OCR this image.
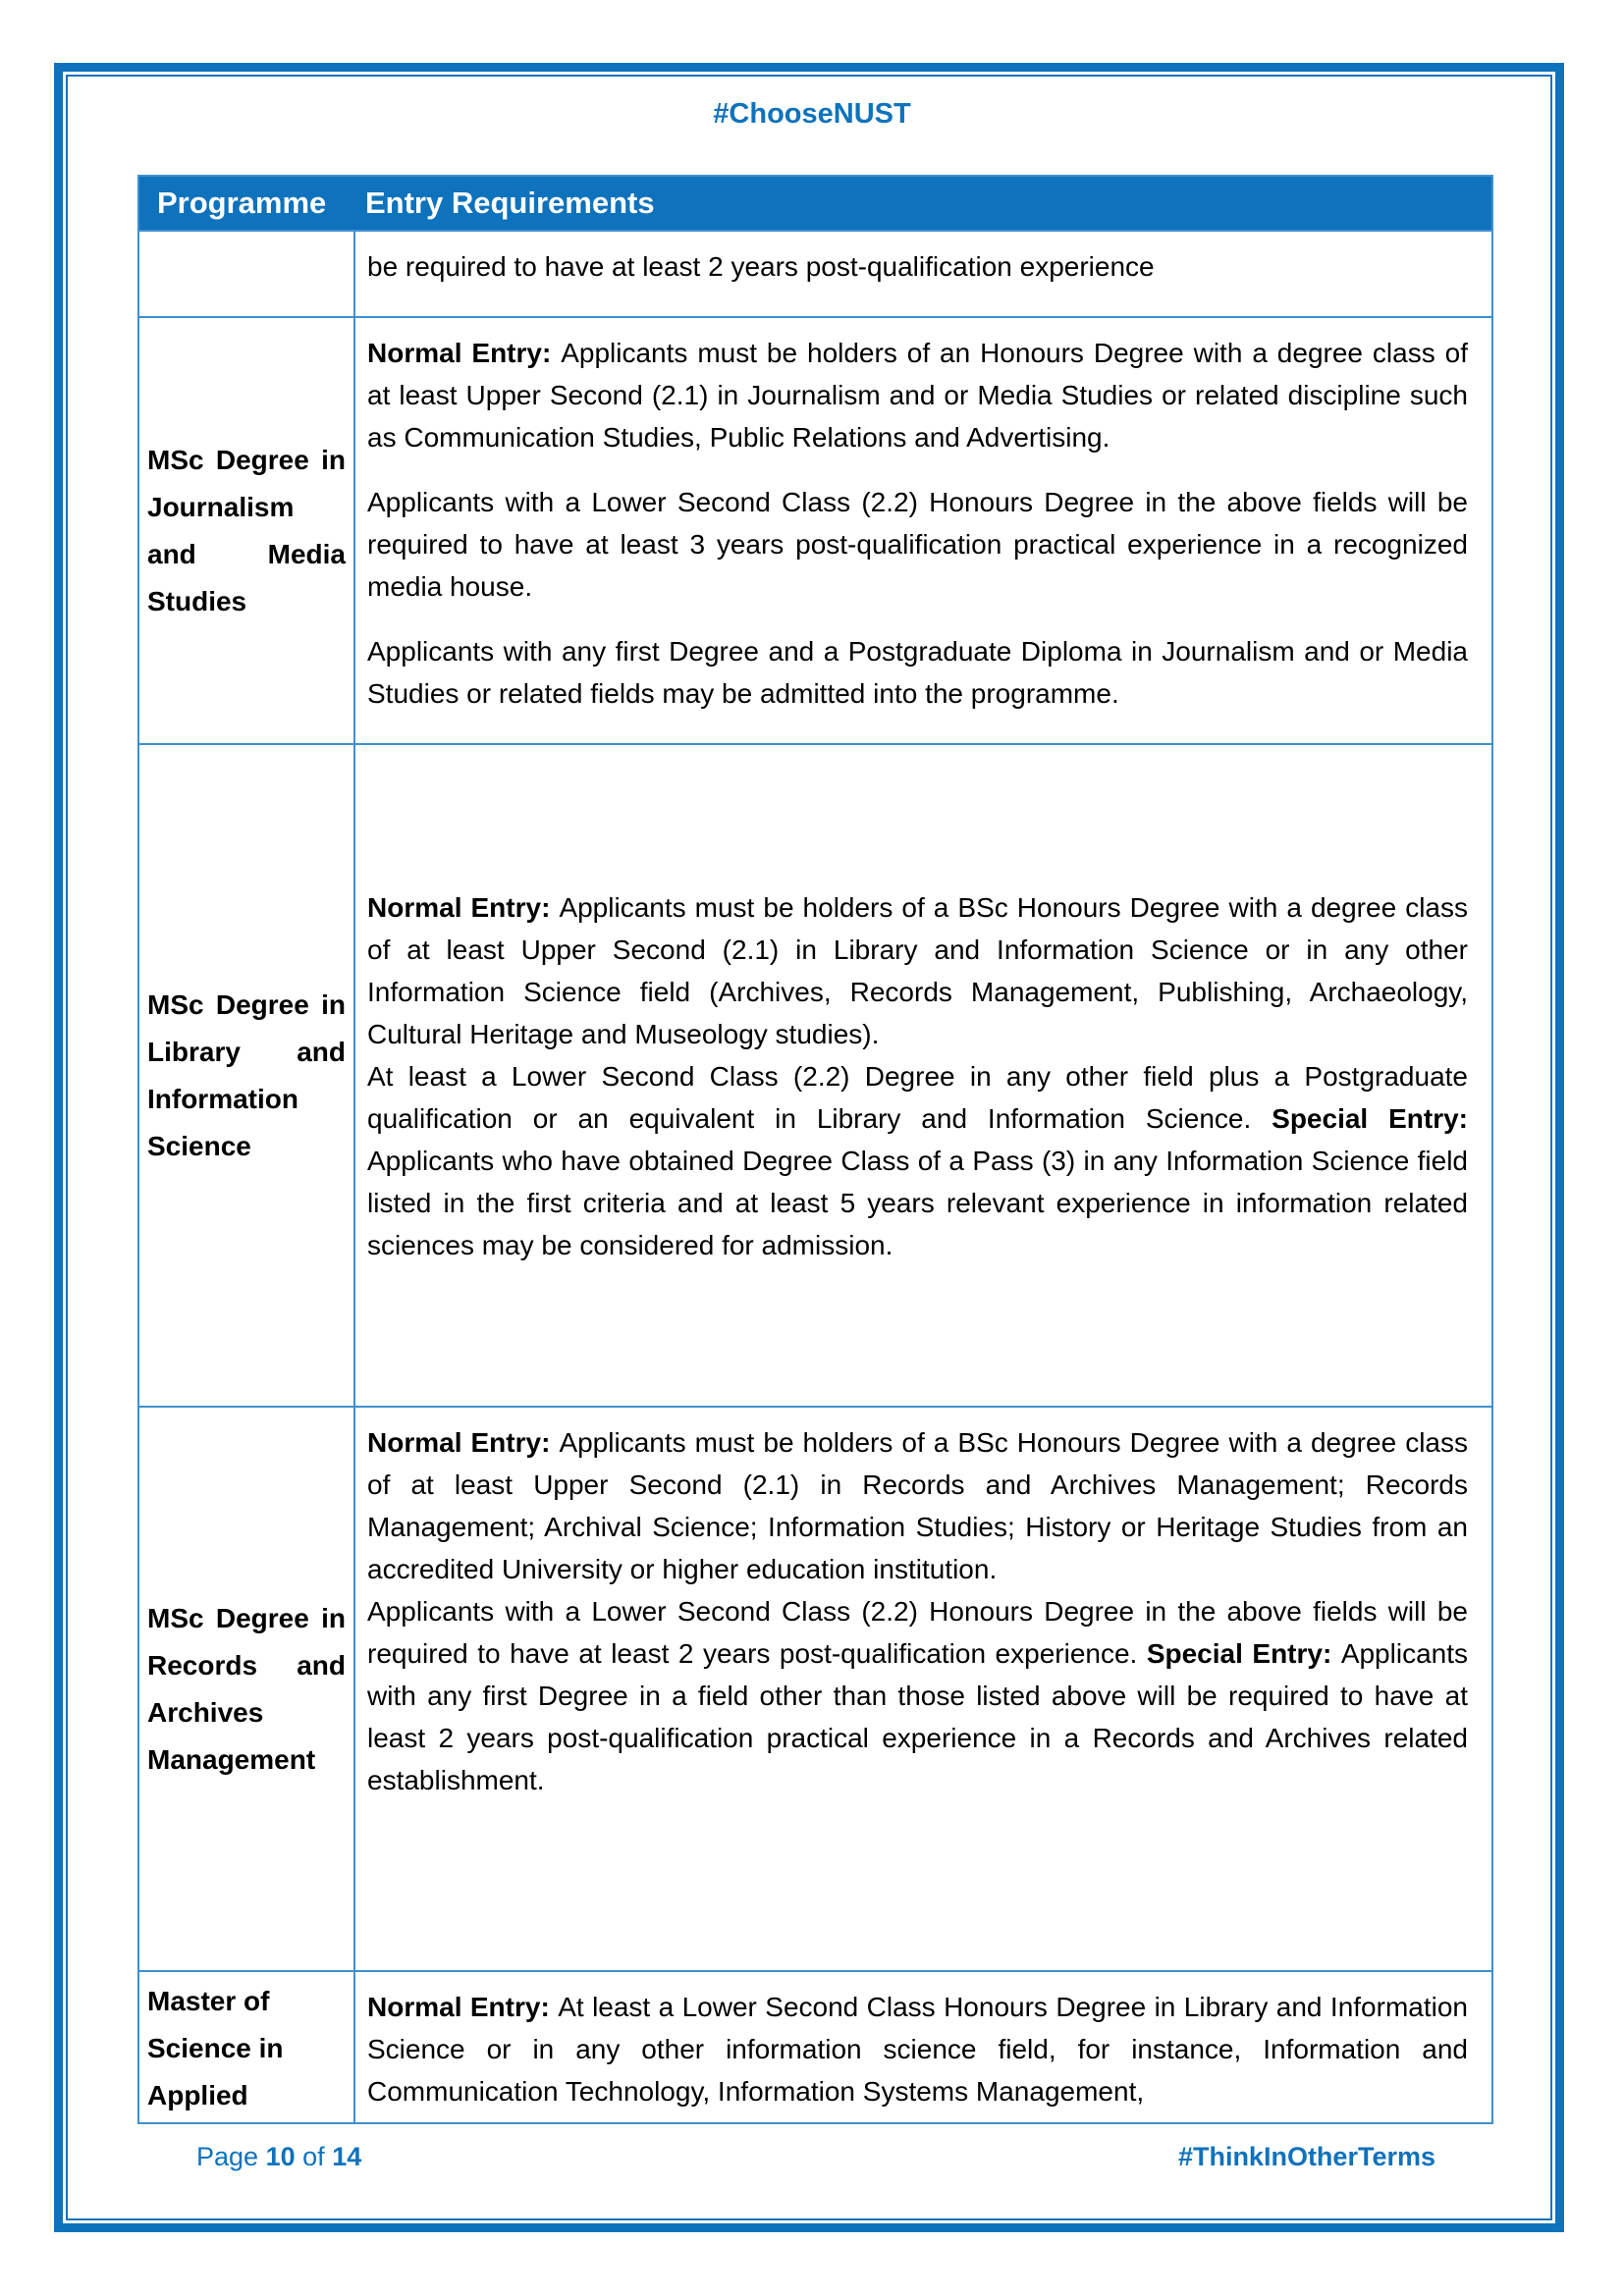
#ChooseNUST
Programme	Entry Requirements

be required to have at least 2 years post-qualification experience

MSc Degree in Journalism and Media Studies

Normal Entry: Applicants must be holders of an Honours Degree with a degree class of at least Upper Second (2.1) in Journalism and or Media Studies or related discipline such as Communication Studies, Public Relations and Advertising.

Applicants with a Lower Second Class (2.2) Honours Degree in the above fields will be required to have at least 3 years post-qualification practical experience in a recognized media house.

Applicants with any first Degree and a Postgraduate Diploma in Journalism and or Media Studies or related fields may be admitted into the programme.

MSc Degree in Library and Information Science

Normal Entry: Applicants must be holders of a BSc Honours Degree with a degree class of at least Upper Second (2.1) in Library and Information Science or in any other Information Science field (Archives, Records Management, Publishing, Archaeology, Cultural Heritage and Museology studies).

At least a Lower Second Class (2.2) Degree in any other field plus a Postgraduate qualification or an equivalent in Library and Information Science. Special Entry: Applicants who have obtained Degree Class of a Pass (3) in any Information Science field listed in the first criteria and at least 5 years relevant experience in information related sciences may be considered for admission.

MSc Degree in Records and Archives Management

Normal Entry: Applicants must be holders of a BSc Honours Degree with a degree class of at least Upper Second (2.1) in Records and Archives Management; Records Management; Archival Science; Information Studies; History or Heritage Studies from an accredited University or higher education institution.

Applicants with a Lower Second Class (2.2) Honours Degree in the above fields will be required to have at least 2 years post-qualification experience. Special Entry: Applicants with any first Degree in a field other than those listed above will be required to have at least 2 years post-qualification practical experience in a Records and Archives related establishment.

Master of Science in Applied

Normal Entry: At least a Lower Second Class Honours Degree in Library and Information Science or in any other information science field, for instance, Information and Communication Technology, Information Systems Management,

Page 10 of 14	#ThinkInOtherTerms
